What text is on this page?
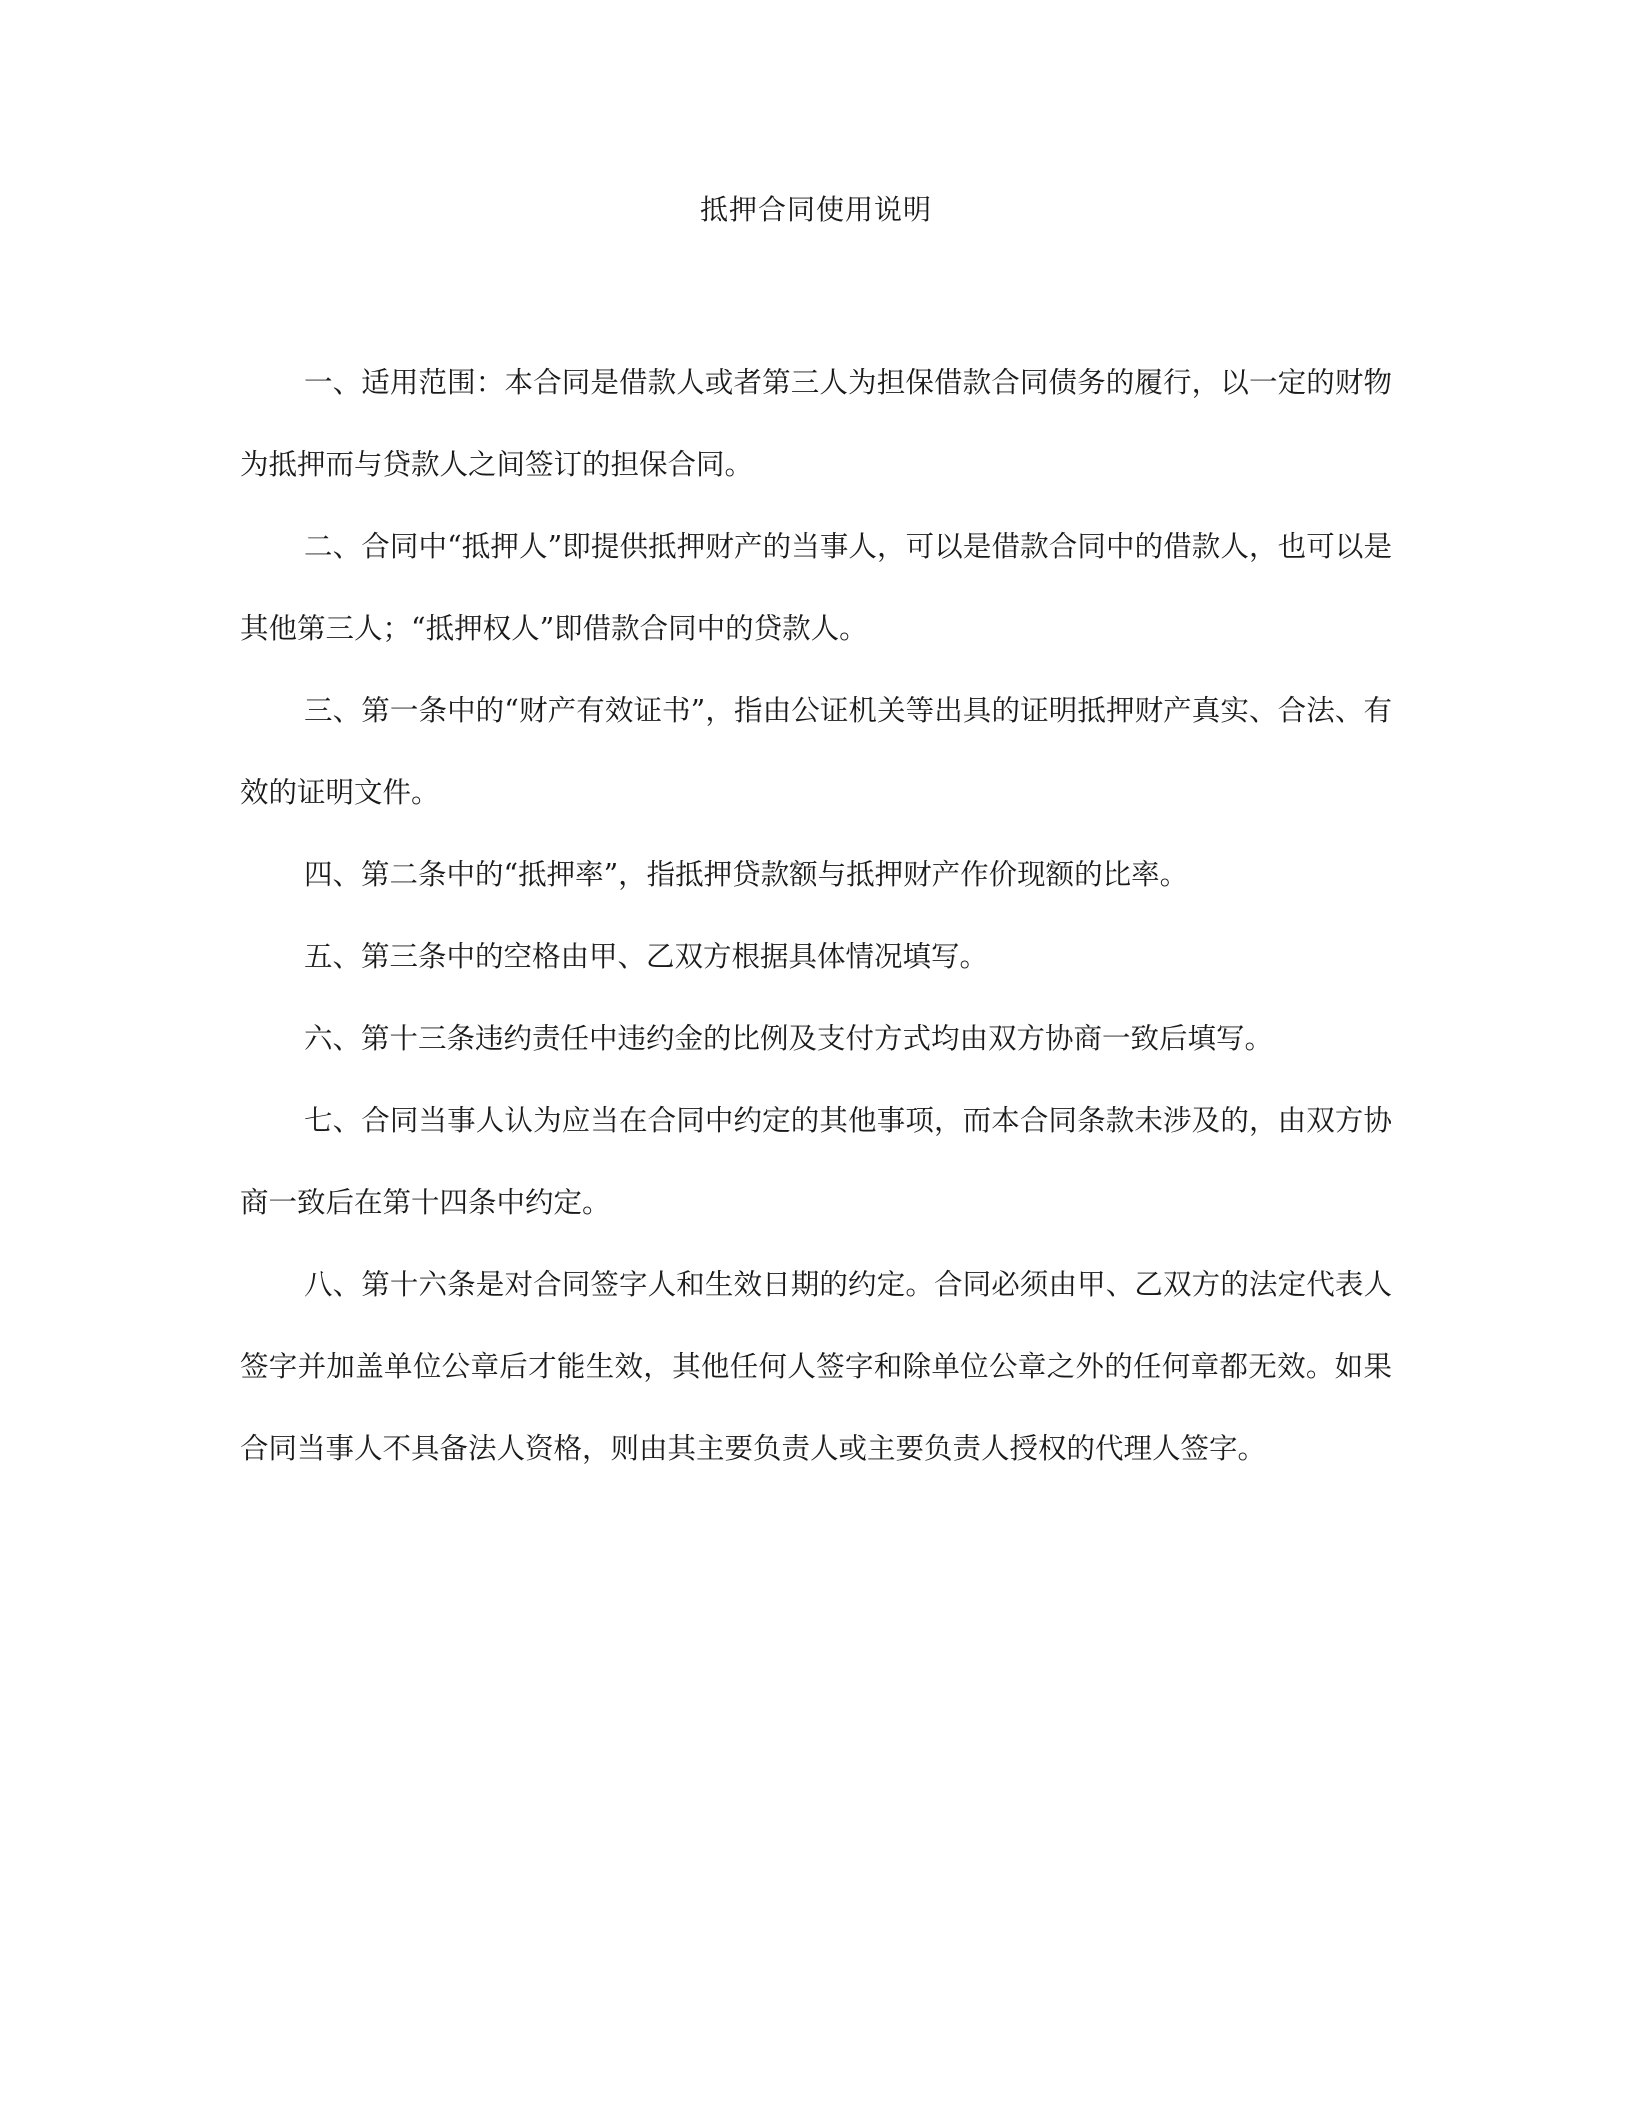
抵押合同使用说明

一、适用范围：本合同是借款人或者第三人为担保借款合同债务的履行，以一定的财物为抵押而与贷款人之间签订的担保合同。

二、合同中“抵押人”即提供抵押财产的当事人，可以是借款合同中的借款人，也可以是其他第三人；“抵押权人”即借款合同中的贷款人。

三、第一条中的“财产有效证书”，指由公证机关等出具的证明抵押财产真实、合法、有效的证明文件。

四、第二条中的“抵押率”，指抵押贷款额与抵押财产作价现额的比率。

五、第三条中的空格由甲、乙双方根据具体情况填写。

六、第十三条违约责任中违约金的比例及支付方式均由双方协商一致后填写。

七、合同当事人认为应当在合同中约定的其他事项，而本合同条款未涉及的，由双方协商一致后在第十四条中约定。

八、第十六条是对合同签字人和生效日期的约定。合同必须由甲、乙双方的法定代表人签字并加盖单位公章后才能生效，其他任何人签字和除单位公章之外的任何章都无效。如果合同当事人不具备法人资格，则由其主要负责人或主要负责人授权的代理人签字。
